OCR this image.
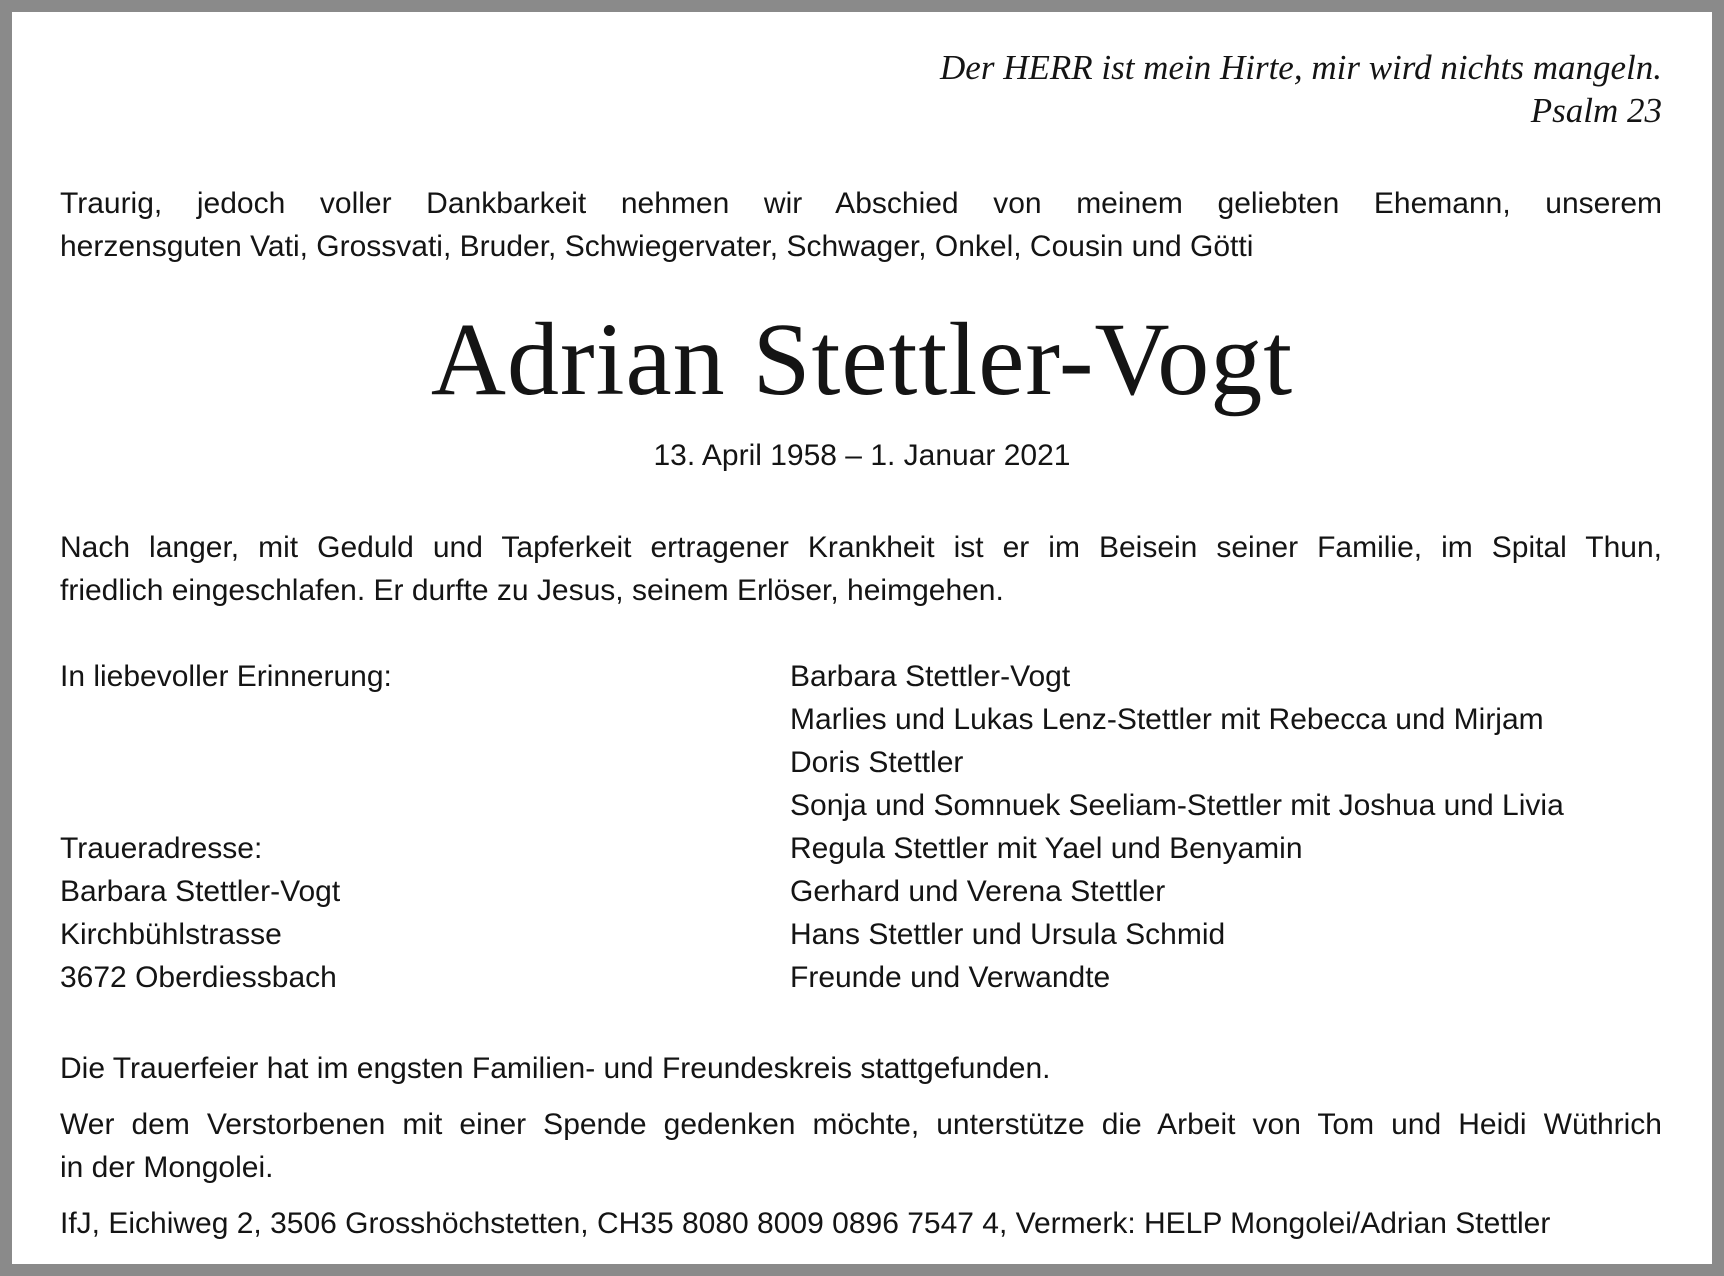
Der HERR ist mein Hirte, mir wird nichts mangeln.
Psalm 23
Traurig, jedoch voller Dankbarkeit nehmen wir Abschied von meinem geliebten Ehemann, unserem
herzensguten Vati, Grossvati, Bruder, Schwiegervater, Schwager, Onkel, Cousin und Götti
Adrian Stettler-Vogt
13. April 1958 – 1. Januar 2021
Nach langer, mit Geduld und Tapferkeit ertragener Krankheit ist er im Beisein seiner Familie, im Spital Thun,
friedlich eingeschlafen. Er durfte zu Jesus, seinem Erlöser, heimgehen.
In liebevoller Erinnerung:
Traueradresse:
Barbara Stettler-Vogt
Kirchbühlstrasse
3672 Oberdiessbach
Barbara Stettler-Vogt
Marlies und Lukas Lenz-Stettler mit Rebecca und Mirjam
Doris Stettler
Sonja und Somnuek Seeliam-Stettler mit Joshua und Livia
Regula Stettler mit Yael und Benyamin
Gerhard und Verena Stettler
Hans Stettler und Ursula Schmid
Freunde und Verwandte
Die Trauerfeier hat im engsten Familien- und Freundeskreis stattgefunden.
Wer dem Verstorbenen mit einer Spende gedenken möchte, unterstütze die Arbeit von Tom und Heidi Wüthrich
in der Mongolei.
IfJ, Eichiweg 2, 3506 Grosshöchstetten, CH35 8080 8009 0896 7547 4, Vermerk: HELP Mongolei/Adrian Stettler
